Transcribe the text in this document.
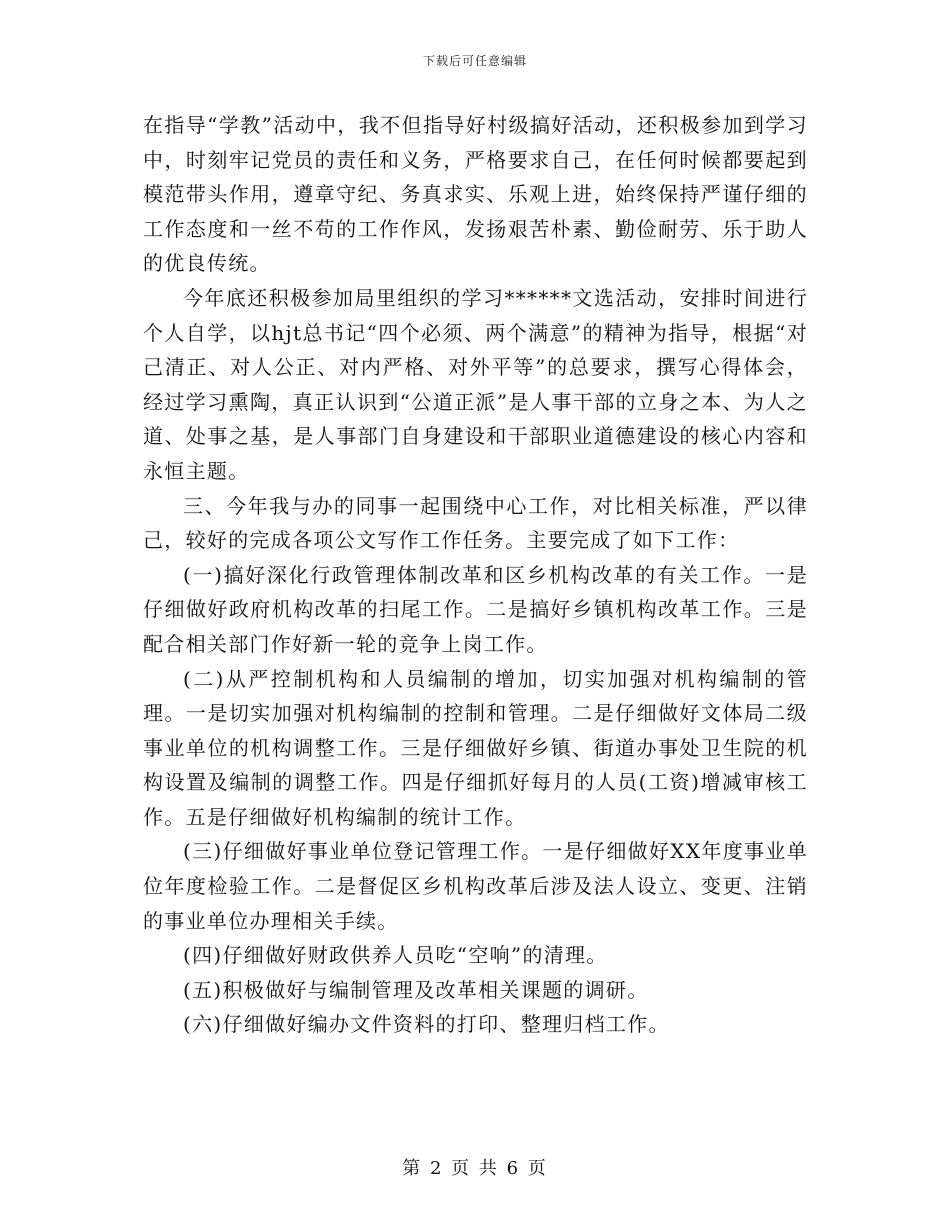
下载后可任意编辑

在指导“学教”活动中，我不但指导好村级搞好活动，还积极参加到学习中，时刻牢记党员的责任和义务，严格要求自己，在任何时候都要起到模范带头作用，遵章守纪、务真求实、乐观上进，始终保持严谨仔细的工作态度和一丝不苟的工作作风，发扬艰苦朴素、勤俭耐劳、乐于助人的优良传统。

今年底还积极参加局里组织的学习******文选活动，安排时间进行个人自学，以hjt总书记“四个必须、两个满意”的精神为指导，根据“对己清正、对人公正、对内严格、对外平等”的总要求，撰写心得体会，经过学习熏陶，真正认识到“公道正派”是人事干部的立身之本、为人之道、处事之基，是人事部门自身建设和干部职业道德建设的核心内容和永恒主题。

三、今年我与办的同事一起围绕中心工作，对比相关标准，严以律己，较好的完成各项公文写作工作任务。主要完成了如下工作：

(一)搞好深化行政管理体制改革和区乡机构改革的有关工作。一是仔细做好政府机构改革的扫尾工作。二是搞好乡镇机构改革工作。三是配合相关部门作好新一轮的竞争上岗工作。

(二)从严控制机构和人员编制的增加，切实加强对机构编制的管理。一是切实加强对机构编制的控制和管理。二是仔细做好文体局二级事业单位的机构调整工作。三是仔细做好乡镇、街道办事处卫生院的机构设置及编制的调整工作。四是仔细抓好每月的人员(工资)增减审核工作。五是仔细做好机构编制的统计工作。

(三)仔细做好事业单位登记管理工作。一是仔细做好XX年度事业单位年度检验工作。二是督促区乡机构改革后涉及法人设立、变更、注销的事业单位办理相关手续。

(四)仔细做好财政供养人员吃“空响”的清理。

(五)积极做好与编制管理及改革相关课题的调研。

(六)仔细做好编办文件资料的打印、整理归档工作。

第 2 页 共 6 页
